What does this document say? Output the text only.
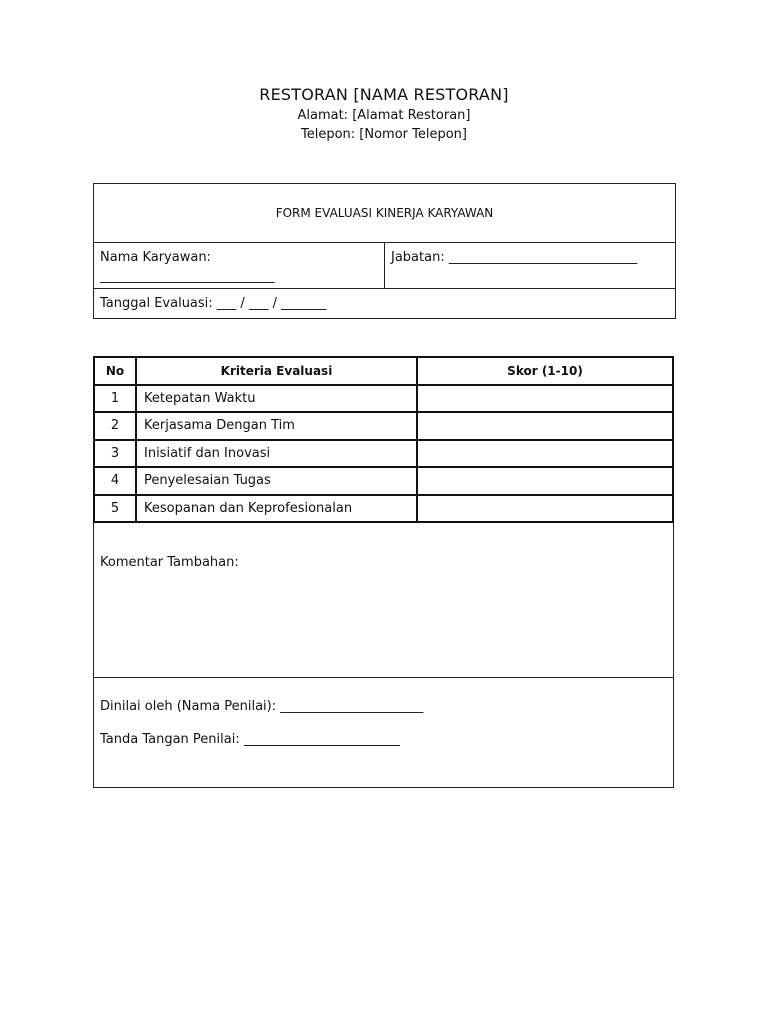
RESTORAN [NAMA RESTORAN]
Alamat: [Alamat Restoran]
Telepon: [Nomor Telepon]
FORM EVALUASI KINERJA KARYAWAN
Nama Karyawan:
_____________________________
Jabatan: _____________________________
Tanggal Evaluasi: ___ / ___ / _______
No	Kriteria Evaluasi	Skor (1-10)
1	Ketepatan Waktu	
2	Kerjasama Dengan Tim	
3	Inisiatif dan Inovasi	
4	Penyelesaian Tugas	
5	Kesopanan dan Keprofesionalan	
Komentar Tambahan:
Dinilai oleh (Nama Penilai): ______________________
Tanda Tangan Penilai: ________________________
